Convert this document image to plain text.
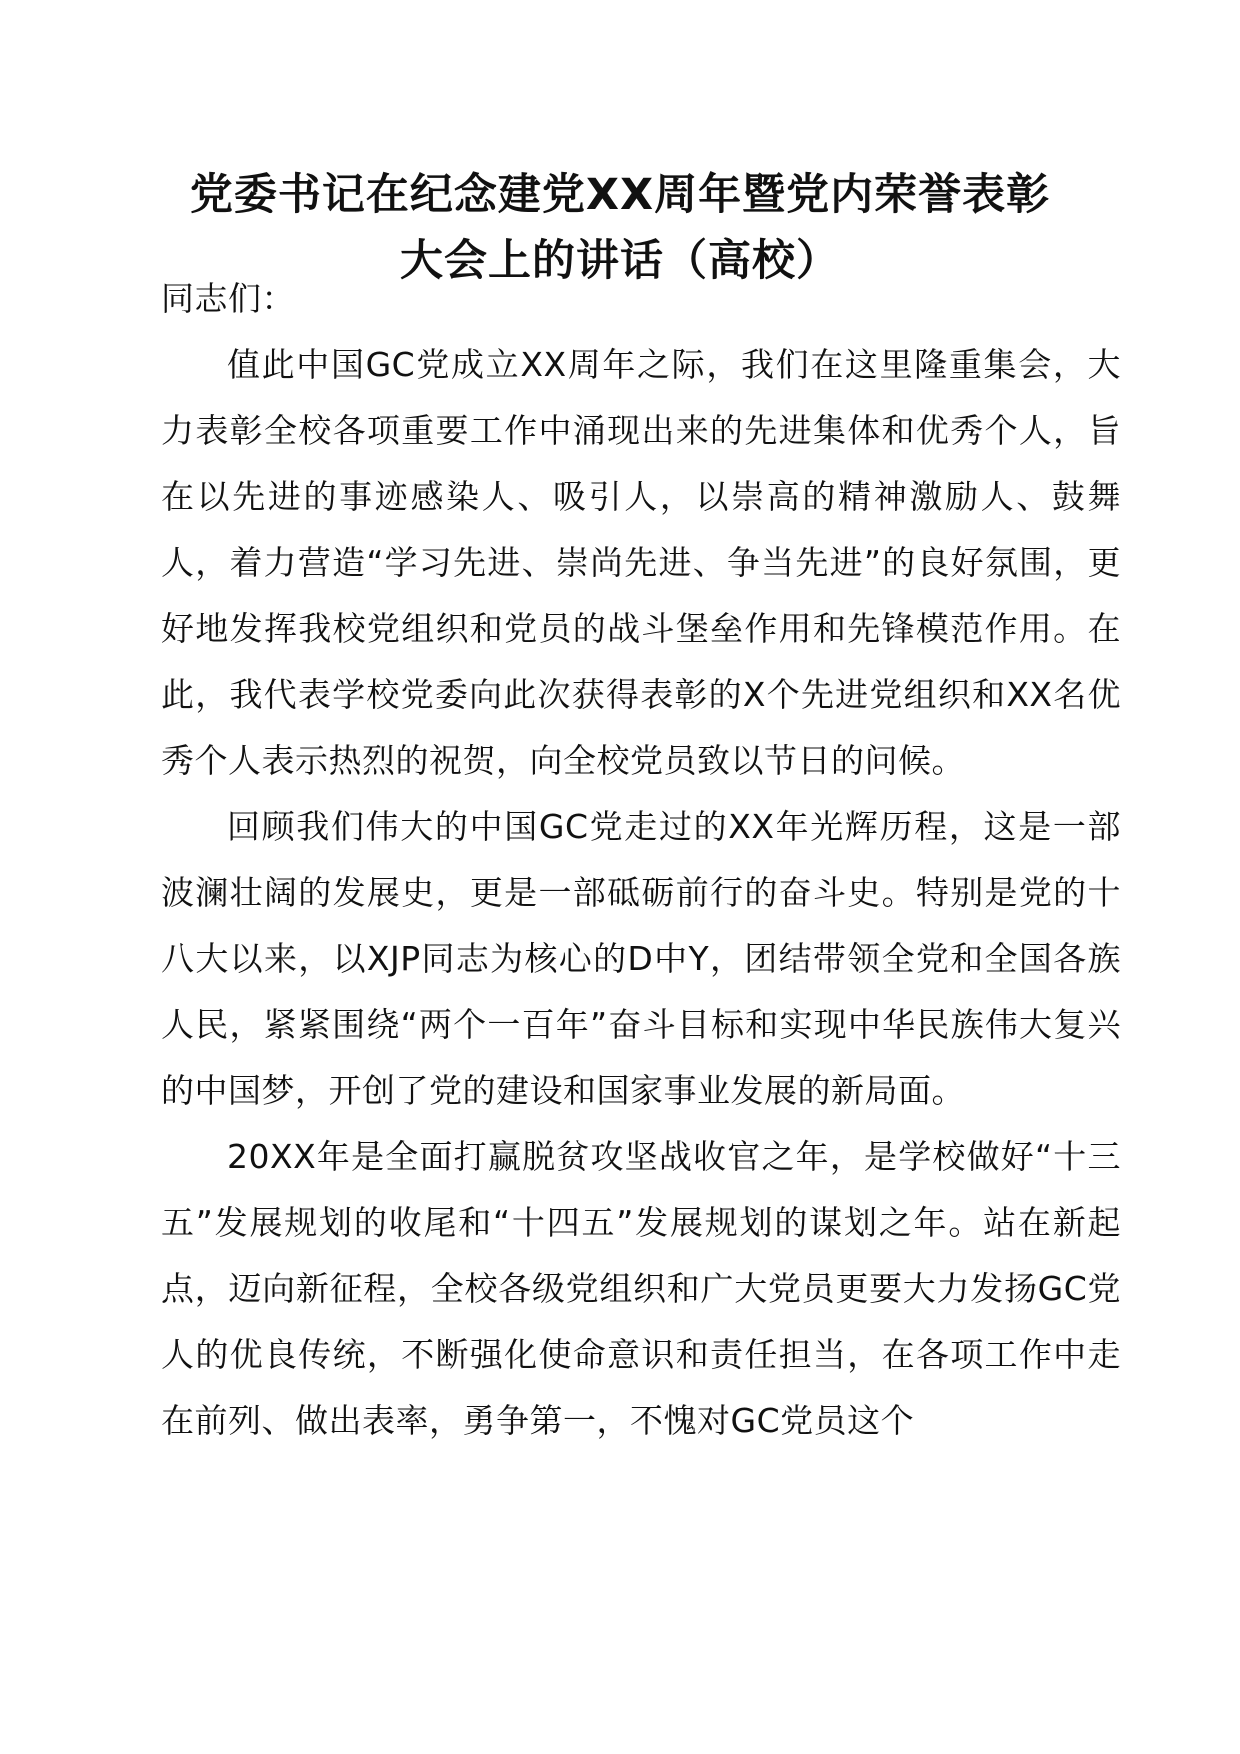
党委书记在纪念建党XX周年暨党内荣誉表彰
大会上的讲话（高校）

同志们：

值此中国GC党成立XX周年之际，我们在这里隆重集会，大力表彰全校各项重要工作中涌现出来的先进集体和优秀个人，旨在以先进的事迹感染人、吸引人，以崇高的精神激励人、鼓舞人，着力营造“学习先进、崇尚先进、争当先进”的良好氛围，更好地发挥我校党组织和党员的战斗堡垒作用和先锋模范作用。在此，我代表学校党委向此次获得表彰的X个先进党组织和XX名优秀个人表示热烈的祝贺，向全校党员致以节日的问候。

回顾我们伟大的中国GC党走过的XX年光辉历程，这是一部波澜壮阔的发展史，更是一部砥砺前行的奋斗史。特别是党的十八大以来，以XJP同志为核心的D中Y，团结带领全党和全国各族人民，紧紧围绕“两个一百年”奋斗目标和实现中华民族伟大复兴的中国梦，开创了党的建设和国家事业发展的新局面。

20XX年是全面打赢脱贫攻坚战收官之年，是学校做好“十三五”发展规划的收尾和“十四五”发展规划的谋划之年。站在新起点，迈向新征程，全校各级党组织和广大党员更要大力发扬GC党人的优良传统，不断强化使命意识和责任担当，在各项工作中走在前列、做出表率，勇争第一，不愧对GC党员这个
